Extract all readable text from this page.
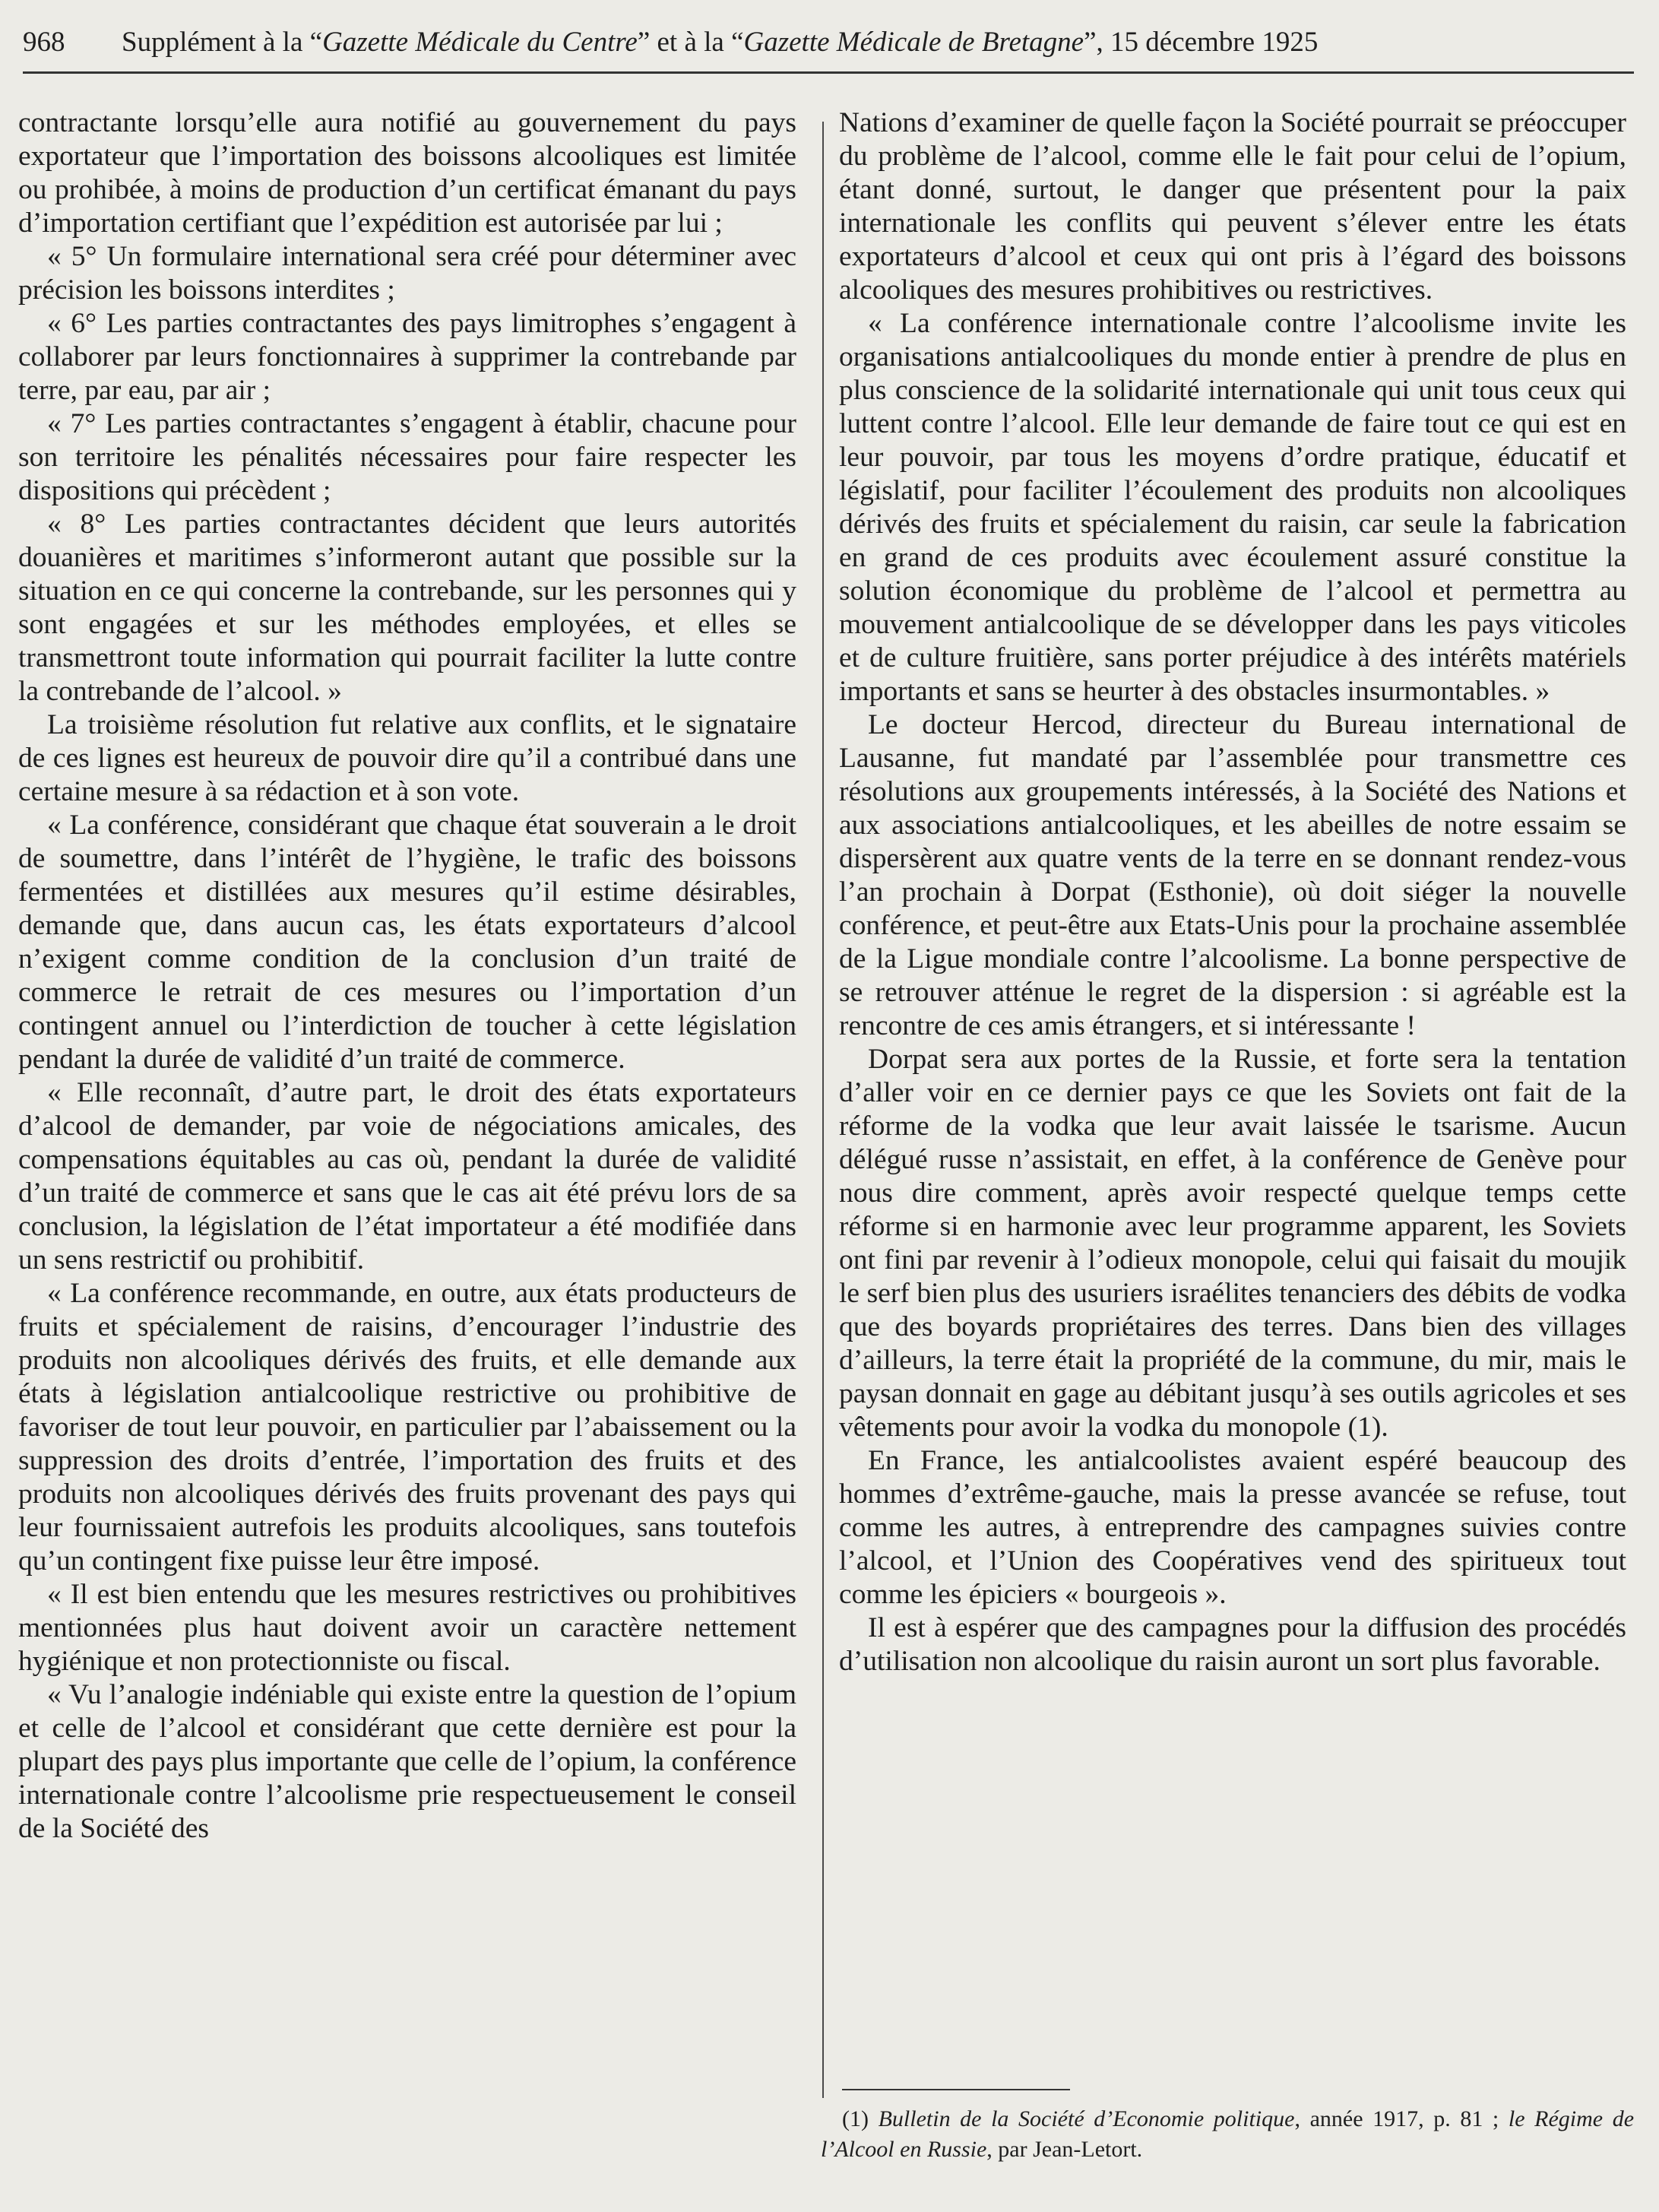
968 Supplément à la “Gazette Médicale du Centre” et à la “Gazette Médicale de Bretagne”, 15 décembre 1925

contractante lorsqu’elle aura notifié au gouvernement du pays exportateur que l’importation des boissons alcooliques est limitée ou prohibée, à moins de production d’un certificat émanant du pays d’importation certifiant que l’expédition est autorisée par lui ;

« 5° Un formulaire international sera créé pour déterminer avec précision les boissons interdites ;

« 6° Les parties contractantes des pays limitrophes s’engagent à collaborer par leurs fonctionnaires à supprimer la contrebande par terre, par eau, par air ;

« 7° Les parties contractantes s’engagent à établir, chacune pour son territoire les pénalités nécessaires pour faire respecter les dispositions qui précèdent ;

« 8° Les parties contractantes décident que leurs autorités douanières et maritimes s’informeront autant que possible sur la situation en ce qui concerne la contrebande, sur les personnes qui y sont engagées et sur les méthodes employées, et elles se transmettront toute information qui pourrait faciliter la lutte contre la contrebande de l’alcool. »

La troisième résolution fut relative aux conflits, et le signataire de ces lignes est heureux de pouvoir dire qu’il a contribué dans une certaine mesure à sa rédaction et à son vote.

« La conférence, considérant que chaque état souverain a le droit de soumettre, dans l’intérêt de l’hygiène, le trafic des boissons fermentées et distillées aux mesures qu’il estime désirables, demande que, dans aucun cas, les états exportateurs d’alcool n’exigent comme condition de la conclusion d’un traité de commerce le retrait de ces mesures ou l’importation d’un contingent annuel ou l’interdiction de toucher à cette législation pendant la durée de validité d’un traité de commerce.

« Elle reconnaît, d’autre part, le droit des états exportateurs d’alcool de demander, par voie de négociations amicales, des compensations équitables au cas où, pendant la durée de validité d’un traité de commerce et sans que le cas ait été prévu lors de sa conclusion, la législation de l’état importateur a été modifiée dans un sens restrictif ou prohibitif.

« La conférence recommande, en outre, aux états producteurs de fruits et spécialement de raisins, d’encourager l’industrie des produits non alcooliques dérivés des fruits, et elle demande aux états à législation antialcoolique restrictive ou prohibitive de favoriser de tout leur pouvoir, en particulier par l’abaissement ou la suppression des droits d’entrée, l’importation des fruits et des produits non alcooliques dérivés des fruits provenant des pays qui leur fournissaient autrefois les produits alcooliques, sans toutefois qu’un contingent fixe puisse leur être imposé.

« Il est bien entendu que les mesures restrictives ou prohibitives mentionnées plus haut doivent avoir un caractère nettement hygiénique et non protectionniste ou fiscal.

« Vu l’analogie indéniable qui existe entre la question de l’opium et celle de l’alcool et considérant que cette dernière est pour la plupart des pays plus importante que celle de l’opium, la conférence internationale contre l’alcoolisme prie respectueusement le conseil de la Société des

Nations d’examiner de quelle façon la Société pourrait se préoccuper du problème de l’alcool, comme elle le fait pour celui de l’opium, étant donné, surtout, le danger que présentent pour la paix internationale les conflits qui peuvent s’élever entre les états exportateurs d’alcool et ceux qui ont pris à l’égard des boissons alcooliques des mesures prohibitives ou restrictives.

« La conférence internationale contre l’alcoolisme invite les organisations antialcooliques du monde entier à prendre de plus en plus conscience de la solidarité internationale qui unit tous ceux qui luttent contre l’alcool. Elle leur demande de faire tout ce qui est en leur pouvoir, par tous les moyens d’ordre pratique, éducatif et législatif, pour faciliter l’écoulement des produits non alcooliques dérivés des fruits et spécialement du raisin, car seule la fabrication en grand de ces produits avec écoulement assuré constitue la solution économique du problème de l’alcool et permettra au mouvement antialcoolique de se développer dans les pays viticoles et de culture fruitière, sans porter préjudice à des intérêts matériels importants et sans se heurter à des obstacles insurmontables. »

Le docteur Hercod, directeur du Bureau international de Lausanne, fut mandaté par l’assemblée pour transmettre ces résolutions aux groupements intéressés, à la Société des Nations et aux associations antialcooliques, et les abeilles de notre essaim se dispersèrent aux quatre vents de la terre en se donnant rendez-vous l’an prochain à Dorpat (Esthonie), où doit siéger la nouvelle conférence, et peut-être aux Etats-Unis pour la prochaine assemblée de la Ligue mondiale contre l’alcoolisme. La bonne perspective de se retrouver atténue le regret de la dispersion : si agréable est la rencontre de ces amis étrangers, et si intéressante !

Dorpat sera aux portes de la Russie, et forte sera la tentation d’aller voir en ce dernier pays ce que les Soviets ont fait de la réforme de la vodka que leur avait laissée le tsarisme. Aucun délégué russe n’assistait, en effet, à la conférence de Genève pour nous dire comment, après avoir respecté quelque temps cette réforme si en harmonie avec leur programme apparent, les Soviets ont fini par revenir à l’odieux monopole, celui qui faisait du moujik le serf bien plus des usuriers israélites tenanciers des débits de vodka que des boyards propriétaires des terres. Dans bien des villages d’ailleurs, la terre était la propriété de la commune, du mir, mais le paysan donnait en gage au débitant jusqu’à ses outils agricoles et ses vêtements pour avoir la vodka du monopole (1).

En France, les antialcoolistes avaient espéré beaucoup des hommes d’extrême-gauche, mais la presse avancée se refuse, tout comme les autres, à entreprendre des campagnes suivies contre l’alcool, et l’Union des Coopératives vend des spiritueux tout comme les épiciers « bourgeois ».

Il est à espérer que des campagnes pour la diffusion des procédés d’utilisation non alcoolique du raisin auront un sort plus favorable.

(1) Bulletin de la Société d’Economie politique, année 1917, p. 81 ; le Régime de l’Alcool en Russie, par Jean-Letort.
